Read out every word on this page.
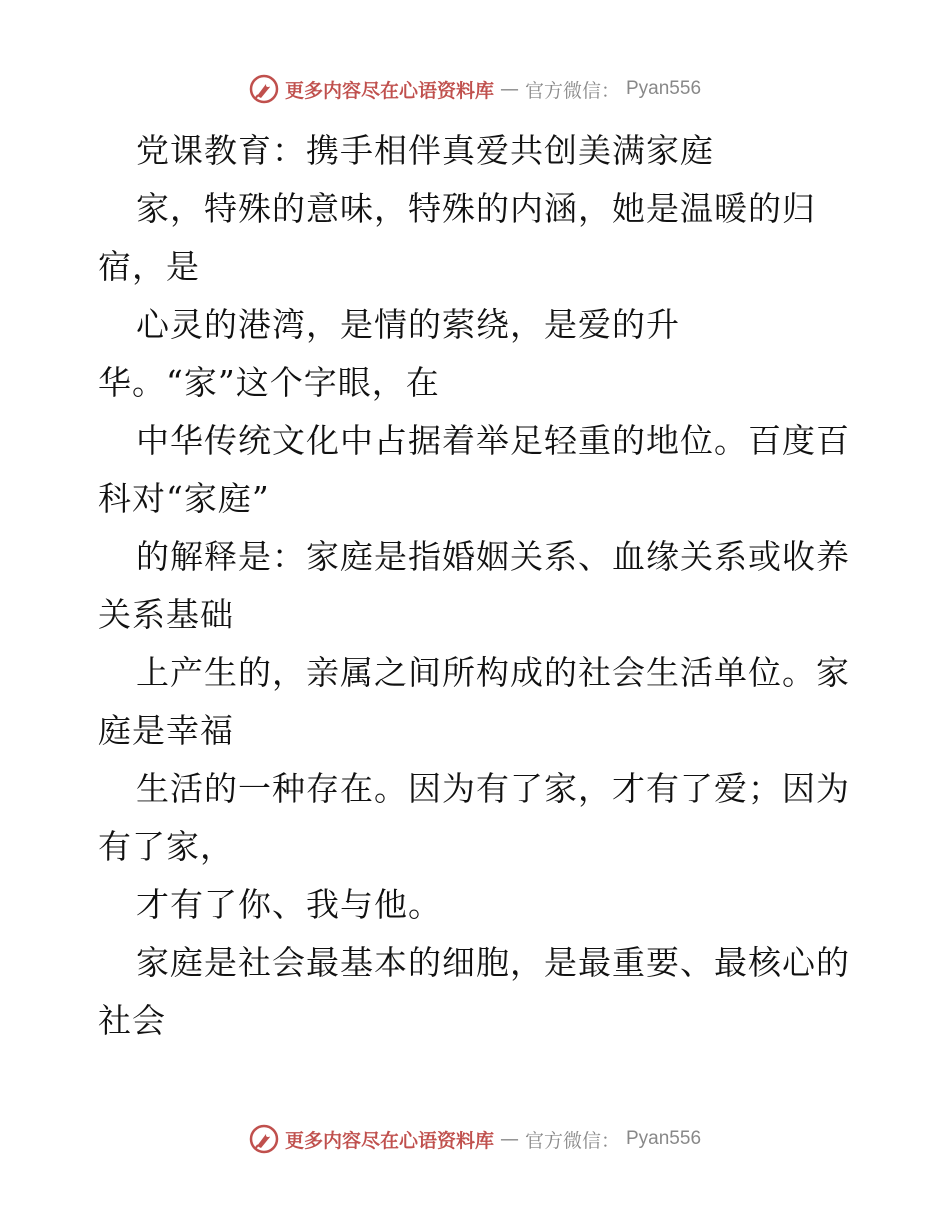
更多内容尽在心语资料库 — 官方微信： Pyan556
党课教育：携手相伴真爱共创美满家庭
家，特殊的意味，特殊的内涵，她是温暖的归
宿，是
心灵的港湾，是情的萦绕，是爱的升
华。“家”这个字眼，在
中华传统文化中占据着举足轻重的地位。百度百
科对“家庭”
的解释是：家庭是指婚姻关系、血缘关系或收养
关系基础
上产生的，亲属之间所构成的社会生活单位。家
庭是幸福
生活的一种存在。因为有了家，才有了爱；因为
有了家，
才有了你、我与他。
家庭是社会最基本的细胞，是最重要、最核心的
社会
更多内容尽在心语资料库 — 官方微信： Pyan556
